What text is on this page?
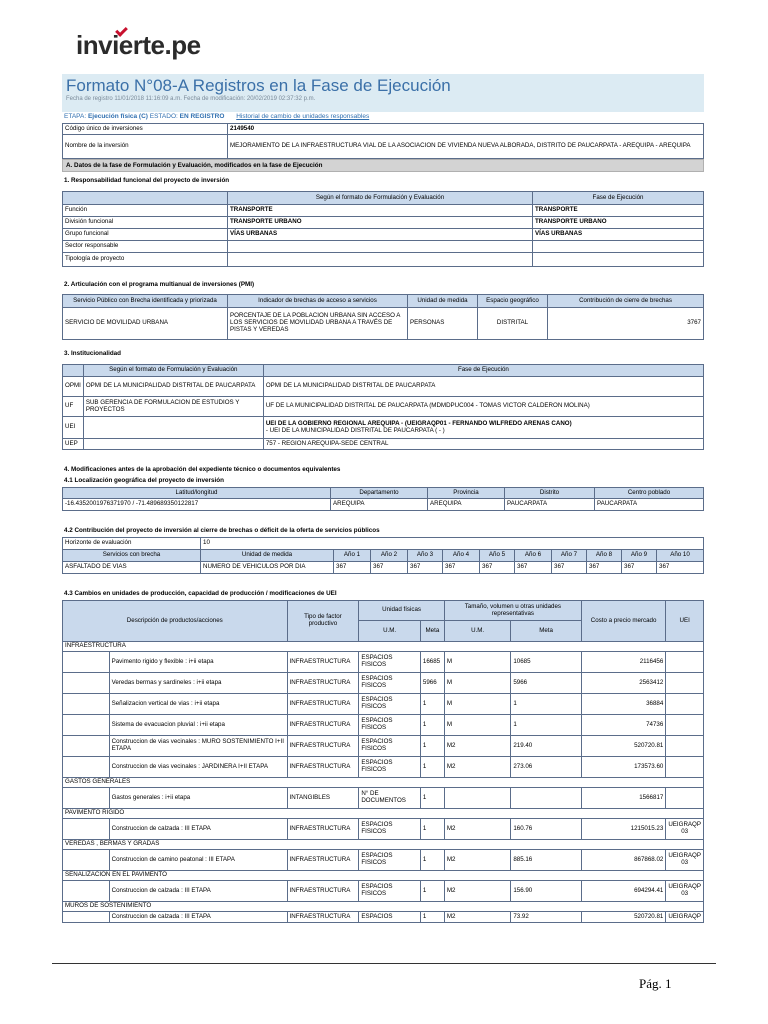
invierte.pe
Formato N°08-A Registros en la Fase de Ejecución
Fecha de registro 11/01/2018 11:16:09 a.m. Fecha de modificación: 20/02/2019 02:37:32 p.m.
ETAPA: Ejecución física (C) ESTADO: EN REGISTRO Historial de cambio de unidades responsables
Código único de inversiones	2149540
Nombre de la inversión	MEJORAMIENTO DE LA INFRAESTRUCTURA VIAL DE LA ASOCIACION DE VIVIENDA NUEVA ALBORADA, DISTRITO DE PAUCARPATA - AREQUIPA - AREQUIPA
A. Datos de la fase de Formulación y Evaluación, modificados en la fase de Ejecución
1. Responsabilidad funcional del proyecto de inversión
	Según el formato de Formulación y Evaluación	Fase de Ejecución
Función	TRANSPORTE	TRANSPORTE
División funcional	TRANSPORTE URBANO	TRANSPORTE URBANO
Grupo funcional	VÍAS URBANAS	VÍAS URBANAS
Sector responsable		
Tipología de proyecto		
2. Articulación con el programa multianual de inversiones (PMI)
Servicio Público con Brecha identificada y priorizada	Indicador de brechas de acceso a servicios	Unidad de medida	Espacio geográfico	Contribución de cierre de brechas
SERVICIO DE MOVILIDAD URBANA	PORCENTAJE DE LA POBLACION URBANA SIN ACCESO A LOS SERVICIOS DE MOVILIDAD URBANA A TRAVÉS DE PISTAS Y VEREDAS	PERSONAS	DISTRITAL	3767
3. Institucionalidad
	Según el formato de Formulación y Evaluación	Fase de Ejecución
OPMI	OPMI DE LA MUNICIPALIDAD DISTRITAL DE PAUCARPATA	OPMI DE LA MUNICIPALIDAD DISTRITAL DE PAUCARPATA

UF	SUB GERENCIA DE FORMULACION DE ESTUDIOS Y PROYECTOS	UF DE LA MUNICIPALIDAD DISTRITAL DE PAUCARPATA (MDMDPUC004 - TOMAS VICTOR CALDERON MOLINA)

UEI		UEI DE LA GOBIERNO REGIONAL AREQUIPA - (UEIGRAQP01 - FERNANDO WILFREDO ARENAS CANO)
- UEI DE LA MUNICIPALIDAD DISTRITAL DE PAUCARPATA ( - )

UEP		757 - REGION AREQUIPA-SEDE CENTRAL
4. Modificaciones antes de la aprobación del expediente técnico o documentos equivalentes
4.1 Localización geográfica del proyecto de inversión
Latitud/longitud	Departamento	Provincia	Distrito	Centro poblado
-16.4352001976371970 / -71.489689350122817	AREQUIPA	AREQUIPA	PAUCARPATA	PAUCARPATA
4.2 Contribución del proyecto de inversión al cierre de brechas o déficit de la oferta de servicios públicos
Horizonte de evaluación	10										
Servicios con brecha	Unidad de medida	Año 1	Año 2	Año 3	Año 4	Año 5	Año 6	Año 7	Año 8	Año 9	Año 10
ASFALTADO DE VIAS	NUMERO DE VEHICULOS POR DIA	367	367	367	367	367	367	367	367	367	367
4.3 Cambios en unidades de producción, capacidad de producción / modificaciones de UEI
Descripción de productos/acciones		Tipo de factor productivo	Unidad físicas		Tamaño, volumen u otras unidades representativas		Costo a precio mercado	UEI
			U.M.	Meta	U.M.	Meta		
INFRAESTRUCTURA								
	Pavimento rigido y flexible : i+ii etapa	INFRAESTRUCTURA	ESPACIOS FISICOS	16685	M	10685	2116456	
	Veredas bermas y sardineles : i+ii etapa	INFRAESTRUCTURA	ESPACIOS FISICOS	5966	M	5966	2563412	
	Señalizacion vertical de vias : i+ii etapa	INFRAESTRUCTURA	ESPACIOS FISICOS	1	M	1	36884	
	Sistema de evacuacion pluvial : i+ii etapa	INFRAESTRUCTURA	ESPACIOS FISICOS	1	M	1	74736	
	Construccion de vias vecinales : MURO SOSTENIMIENTO I+II ETAPA	INFRAESTRUCTURA	ESPACIOS FISICOS	1	M2	219.40	520720.81	
	Construccion de vias vecinales : JARDINERA I+II ETAPA	INFRAESTRUCTURA	ESPACIOS FISICOS	1	M2	273.06	173573.60	
GASTOS GENERALES								
	Gastos generales : i+ii etapa	INTANGIBLES	N° DE DOCUMENTOS	1			1566817	
PAVIMENTO RIGIDO								
	Construccion de calzada : III ETAPA	INFRAESTRUCTURA	ESPACIOS FISICOS	1	M2	160.76	1215015.23	UEIGRAQP 03
VEREDAS , BERMAS Y GRADAS								
	Construccion de camino peatonal : III ETAPA	INFRAESTRUCTURA	ESPACIOS FISICOS	1	M2	885.16	867868.02	UEIGRAQP 03
SENALIZACION EN EL PAVIMENTO								
	Construccion de calzada : III ETAPA	INFRAESTRUCTURA	ESPACIOS FISICOS	1	M2	156.90	694294.41	UEIGRAQP 03
MUROS DE SOSTENIMIENTO								
	Construccion de calzada : III ETAPA	INFRAESTRUCTURA	ESPACIOS	1	M2	73.92	520720.81	UEIGRAQP
Pág. 1
